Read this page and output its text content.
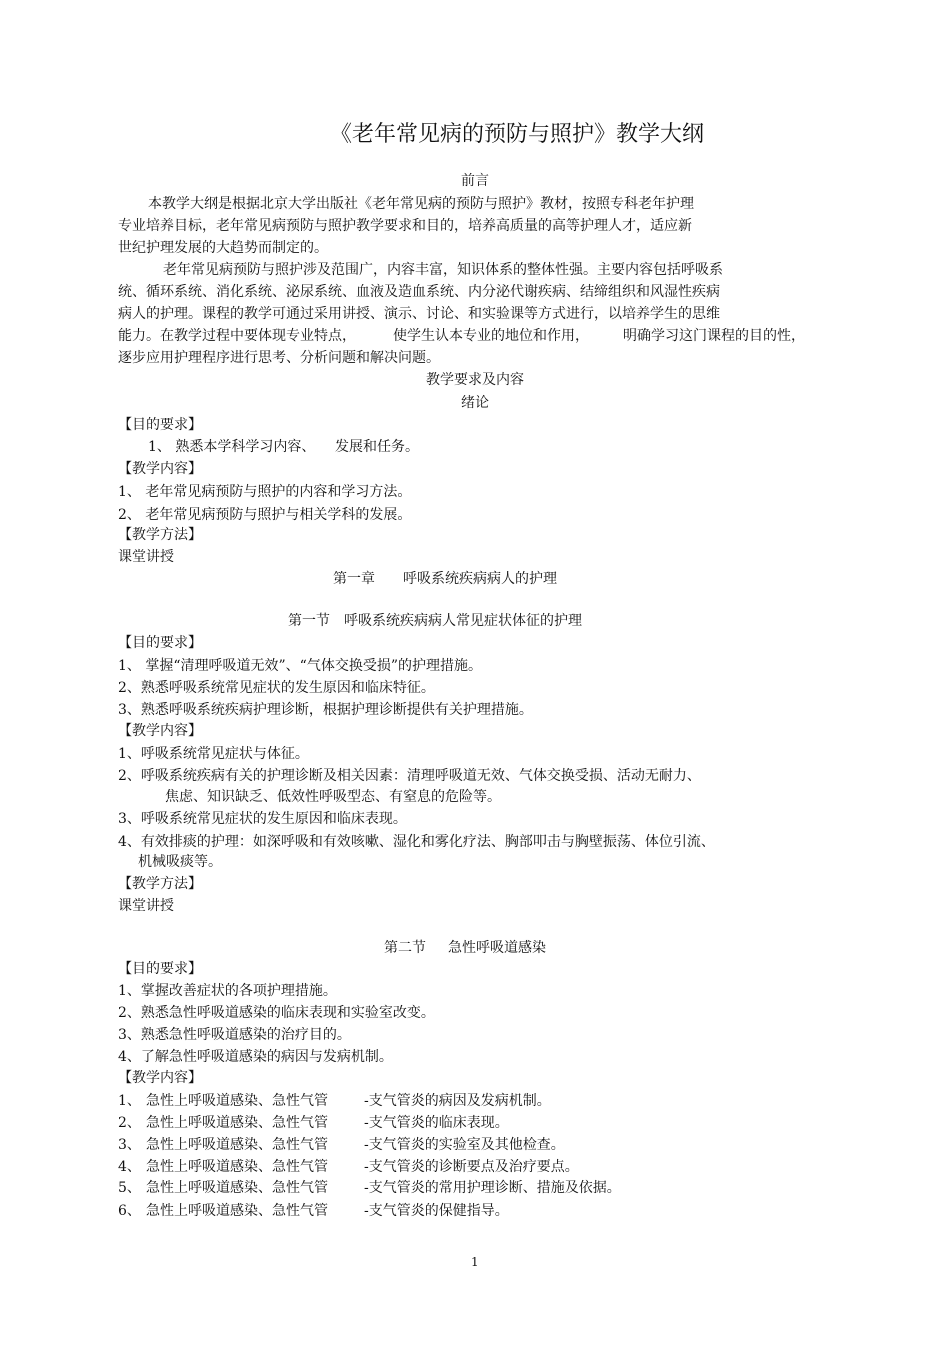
《老年常见病的预防与照护》教学大纲
前言
本教学大纲是根据北京大学出版社《老年常见病的预防与照护》教材，按照专科老年护理
专业培养目标，老年常见病预防与照护教学要求和目的，培养高质量的高等护理人才，适应新
世纪护理发展的大趋势而制定的。
老年常见病预防与照护涉及范围广，内容丰富，知识体系的整体性强。主要内容包括呼吸系
统、循环系统、消化系统、泌尿系统、血液及造血系统、内分泌代谢疾病、结缔组织和风湿性疾病
病人的护理。课程的教学可通过采用讲授、演示、讨论、和实验课等方式进行，以培养学生的思维
能力。在教学过程中要体现专业特点，	使学生认本专业的地位和作用， 明确学习这门课程的目的性，
逐步应用护理程序进行思考、分析问题和解决问题。
教学要求及内容
绪论
【目的要求】
1、 熟悉本学科学习内容、 发展和任务。
【教学内容】
1、 老年常见病预防与照护的内容和学习方法。
2、 老年常见病预防与照护与相关学科的发展。
【教学方法】
课堂讲授
第一章 呼吸系统疾病病人的护理
第一节 呼吸系统疾病病人常见症状体征的护理
【目的要求】
1、 掌握“清理呼吸道无效”、“气体交换受损”的护理措施。
2、熟悉呼吸系统常见症状的发生原因和临床特征。
3、熟悉呼吸系统疾病护理诊断，根据护理诊断提供有关护理措施。
【教学内容】
1、呼吸系统常见症状与体征。
2、呼吸系统疾病有关的护理诊断及相关因素：清理呼吸道无效、气体交换受损、活动无耐力、
焦虑、知识缺乏、低效性呼吸型态、有窒息的危险等。
3、呼吸系统常见症状的发生原因和临床表现。
4、有效排痰的护理：如深呼吸和有效咳嗽、湿化和雾化疗法、胸部叩击与胸壁振荡、体位引流、
机械吸痰等。
【教学方法】
课堂讲授
第二节 急性呼吸道感染
【目的要求】
1、掌握改善症状的各项护理措施。
2、熟悉急性呼吸道感染的临床表现和实验室改变。
3、熟悉急性呼吸道感染的治疗目的。
4、了解急性呼吸道感染的病因与发病机制。
【教学内容】
1、 急性上呼吸道感染、急性气管	-支气管炎的病因及发病机制。
2、 急性上呼吸道感染、急性气管	-支气管炎的临床表现。
3、 急性上呼吸道感染、急性气管	-支气管炎的实验室及其他检查。
4、 急性上呼吸道感染、急性气管	-支气管炎的诊断要点及治疗要点。
5、 急性上呼吸道感染、急性气管	-支气管炎的常用护理诊断、措施及依据。
6、 急性上呼吸道感染、急性气管	-支气管炎的保健指导。
1
